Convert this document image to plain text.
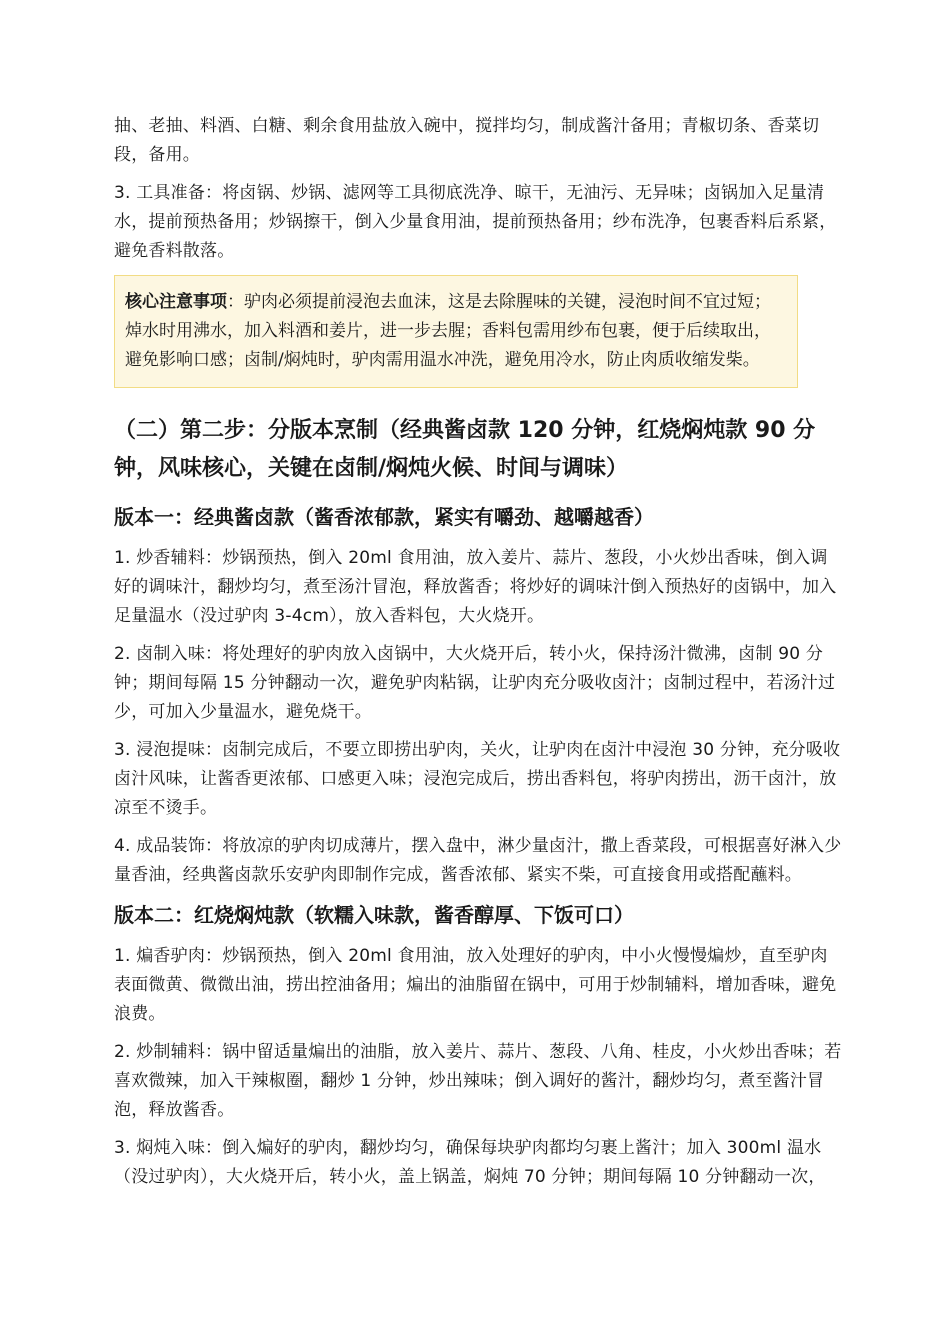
抽、老抽、料酒、白糖、剩余食用盐放入碗中，搅拌均匀，制成酱汁备用；青椒切条、香菜切段，备用。

3. 工具准备：将卤锅、炒锅、滤网等工具彻底洗净、晾干，无油污、无异味；卤锅加入足量清水，提前预热备用；炒锅擦干，倒入少量食用油，提前预热备用；纱布洗净，包裹香料后系紧，避免香料散落。

核心注意事项：驴肉必须提前浸泡去血沫，这是去除腥味的关键，浸泡时间不宜过短；焯水时用沸水，加入料酒和姜片，进一步去腥；香料包需用纱布包裹，便于后续取出，避免影响口感；卤制/焖炖时，驴肉需用温水冲洗，避免用冷水，防止肉质收缩发柴。
（二）第二步：分版本烹制（经典酱卤款 120 分钟，红烧焖炖款 90 分钟，风味核心，关键在卤制/焖炖火候、时间与调味）
版本一：经典酱卤款（酱香浓郁款，紧实有嚼劲、越嚼越香）

1. 炒香辅料：炒锅预热，倒入 20ml 食用油，放入姜片、蒜片、葱段，小火炒出香味，倒入调好的调味汁，翻炒均匀，煮至汤汁冒泡，释放酱香；将炒好的调味汁倒入预热好的卤锅中，加入足量温水（没过驴肉 3-4cm），放入香料包，大火烧开。

2. 卤制入味：将处理好的驴肉放入卤锅中，大火烧开后，转小火，保持汤汁微沸，卤制 90 分钟；期间每隔 15 分钟翻动一次，避免驴肉粘锅，让驴肉充分吸收卤汁；卤制过程中，若汤汁过少，可加入少量温水，避免烧干。

3. 浸泡提味：卤制完成后，不要立即捞出驴肉，关火，让驴肉在卤汁中浸泡 30 分钟，充分吸收卤汁风味，让酱香更浓郁、口感更入味；浸泡完成后，捞出香料包，将驴肉捞出，沥干卤汁，放凉至不烫手。

4. 成品装饰：将放凉的驴肉切成薄片，摆入盘中，淋少量卤汁，撒上香菜段，可根据喜好淋入少量香油，经典酱卤款乐安驴肉即制作完成，酱香浓郁、紧实不柴，可直接食用或搭配蘸料。

版本二：红烧焖炖款（软糯入味款，酱香醇厚、下饭可口）

1. 煸香驴肉：炒锅预热，倒入 20ml 食用油，放入处理好的驴肉，中小火慢慢煸炒，直至驴肉表面微黄、微微出油，捞出控油备用；煸出的油脂留在锅中，可用于炒制辅料，增加香味，避免浪费。

2. 炒制辅料：锅中留适量煸出的油脂，放入姜片、蒜片、葱段、八角、桂皮，小火炒出香味；若喜欢微辣，加入干辣椒圈，翻炒 1 分钟，炒出辣味；倒入调好的酱汁，翻炒均匀，煮至酱汁冒泡，释放酱香。

3. 焖炖入味：倒入煸好的驴肉，翻炒均匀，确保每块驴肉都均匀裹上酱汁；加入 300ml 温水（没过驴肉），大火烧开后，转小火，盖上锅盖，焖炖 70 分钟；期间每隔 10 分钟翻动一次，
